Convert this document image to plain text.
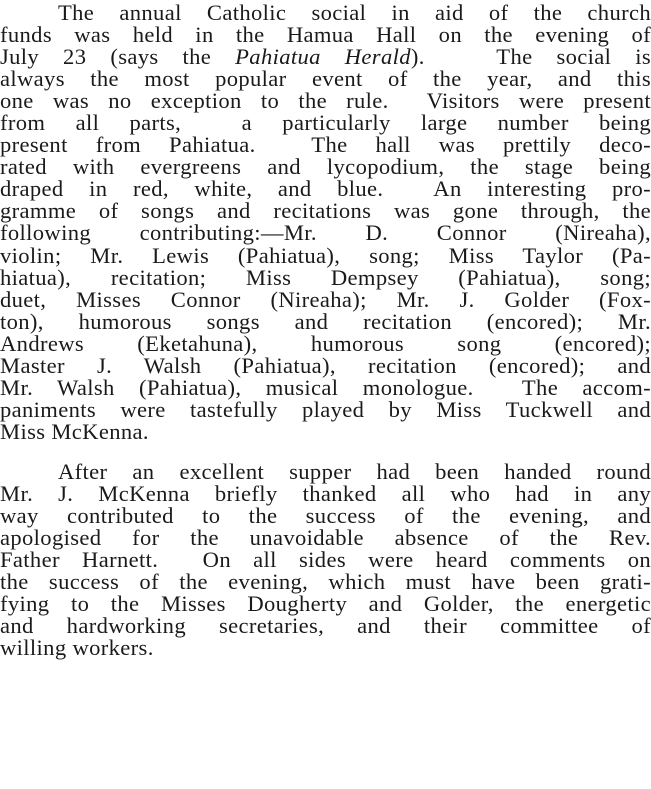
The annual Catholic social in aid of the church
funds was held in the Hamua Hall on the evening of
July 23 (says the Pahiatua Herald).   The social is
always the most popular event of the year, and this
one was no exception to the rule.  Visitors were present
from all parts,  a particularly large number being
present from Pahiatua.  The hall was prettily deco-
rated with evergreens and lycopodium, the stage being
draped in red, white, and blue.  An interesting pro-
gramme of songs and recitations was gone through, the
following contributing:—Mr. D. Connor (Nireaha),
violin; Mr. Lewis (Pahiatua), song; Miss Taylor (Pa-
hiatua), recitation; Miss Dempsey (Pahiatua), song;
duet, Misses Connor (Nireaha); Mr. J. Golder (Fox-
ton), humorous songs and recitation (encored); Mr.
Andrews  (Eketahuna),  humorous  song  (encored);
Master J. Walsh (Pahiatua), recitation (encored); and
Mr. Walsh (Pahiatua), musical monologue.  The accom-
paniments were tastefully played by Miss Tuckwell and
Miss McKenna.
After an excellent supper had been handed round
Mr. J. McKenna briefly thanked all who had in any
way contributed to the success of the evening, and
apologised for the unavoidable absence of the Rev.
Father Harnett.  On all sides were heard comments on
the success of the evening, which must have been grati-
fying to the Misses Dougherty and Golder, the energetic
and hardworking secretaries, and their committee of
willing workers.
